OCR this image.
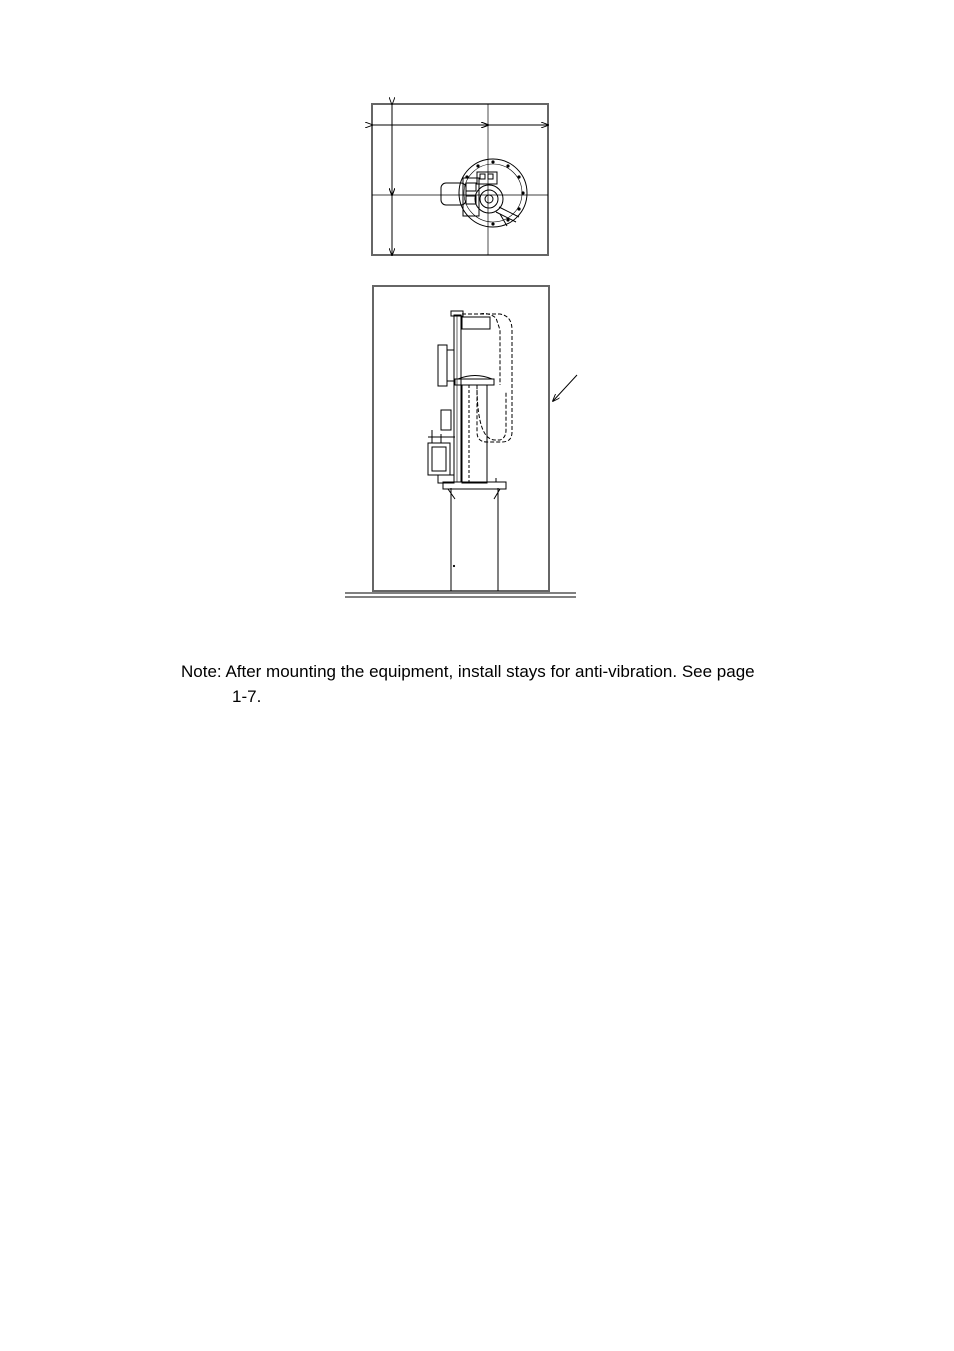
Note: After mounting the equipment, install stays for anti-vibration. See page
1-7.
